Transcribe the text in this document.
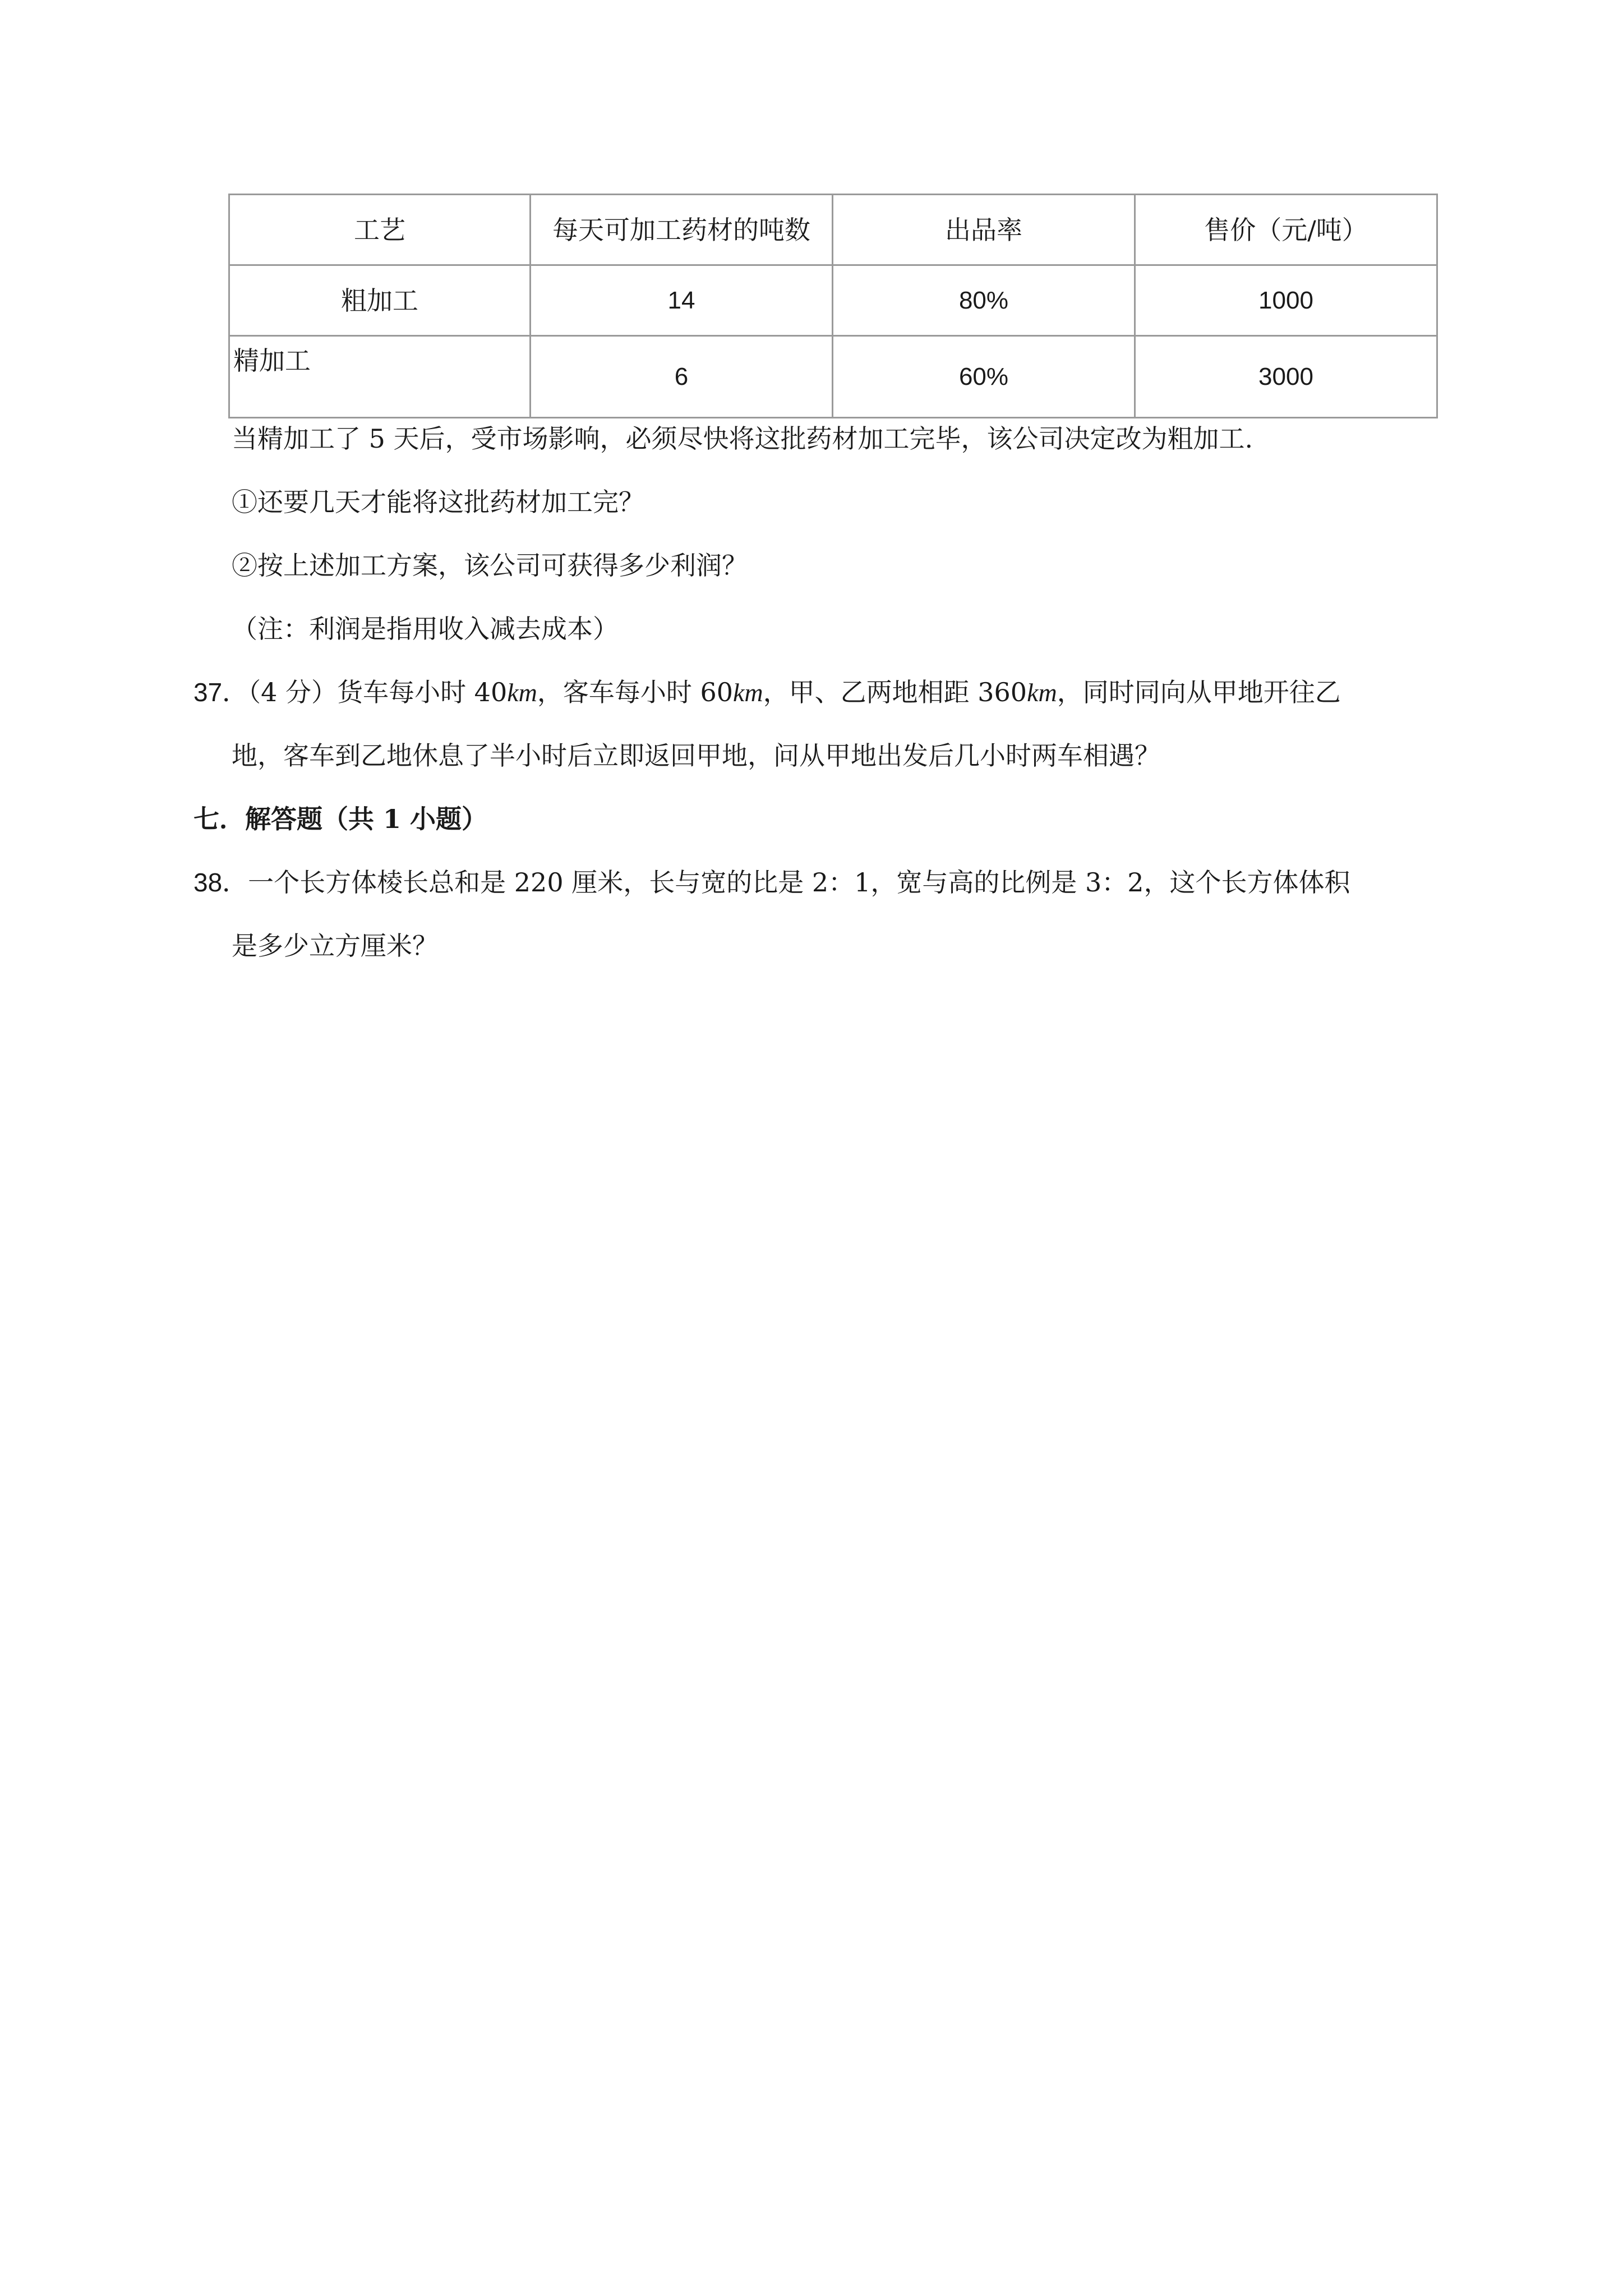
工艺	每天可加工药材的吨数	出品率	售价（元/吨）
粗加工	14	80%	1000
精加工	6	60%	3000
当精加工了 5 天后，受市场影响，必须尽快将这批药材加工完毕，该公司决定改为粗加工.
①还要几天才能将这批药材加工完？
②按上述加工方案，该公司可获得多少利润？
（注：利润是指用收入减去成本）
37．（4 分）货车每小时 40km，客车每小时 60km，甲、乙两地相距 360km，同时同向从甲地开往乙
地，客车到乙地休息了半小时后立即返回甲地，问从甲地出发后几小时两车相遇？
七．解答题（共 1 小题）
38．一个长方体棱长总和是 220 厘米，长与宽的比是 2：1，宽与高的比例是 3：2，这个长方体体积
是多少立方厘米？
